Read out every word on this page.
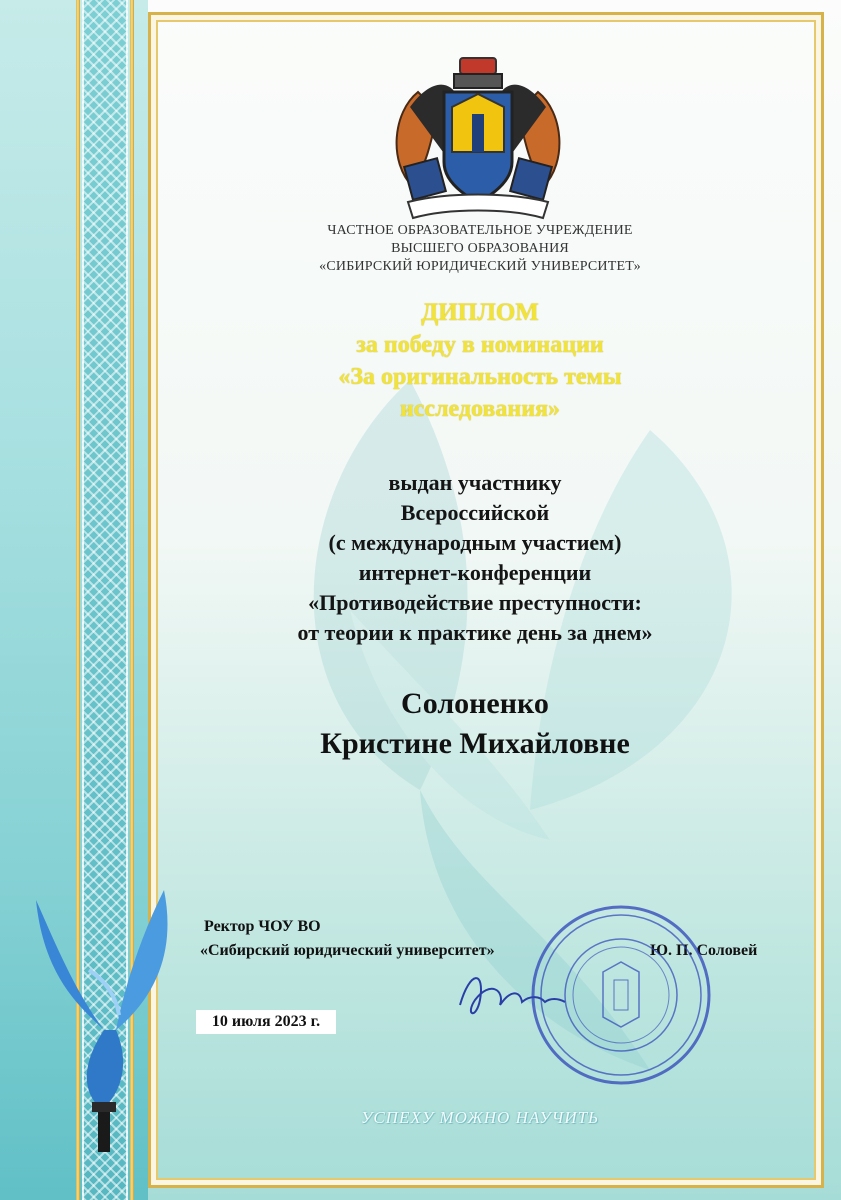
ЧАСТНОЕ ОБРАЗОВАТЕЛЬНОЕ УЧРЕЖДЕНИЕ
ВЫСШЕГО ОБРАЗОВАНИЯ
«СИБИРСКИЙ ЮРИДИЧЕСКИЙ УНИВЕРСИТЕТ»
ДИПЛОМ
за победу в номинации
«За оригинальность темы
исследования»
выдан участнику
Всероссийской
(с международным участием)
интернет-конференции
«Противодействие преступности:
от теории к практике день за днем»
Солоненко
Кристине Михайловне
Ректор ЧОУ ВО
«Сибирский юридический университет»	Ю. П. Соловей
10 июля 2023 г.
УСПЕХУ МОЖНО НАУЧИТЬ
